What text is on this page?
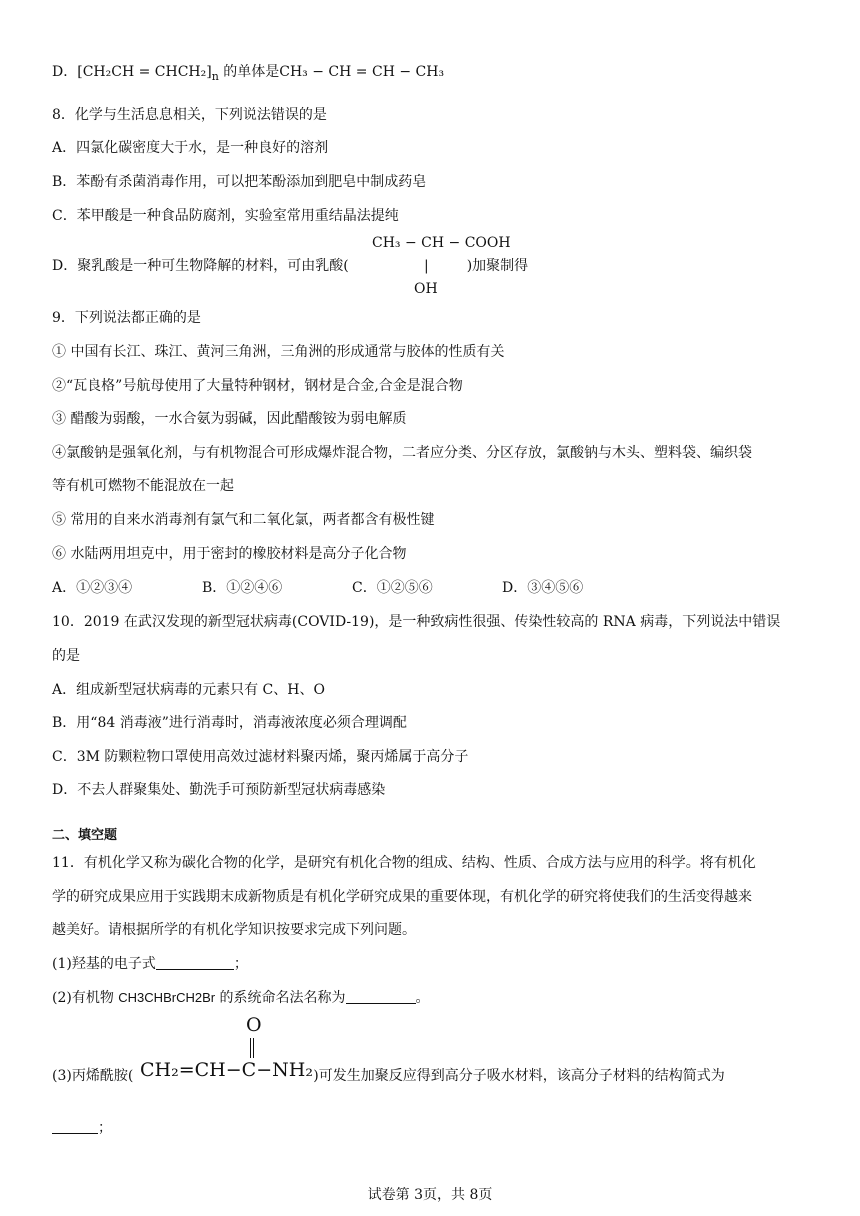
D．$[CH_2CH = CHCH_2]_n$ 的单体是CH₃ − CH = CH − CH₃
8．化学与生活息息相关，下列说法错误的是
A．四氯化碳密度大于水，是一种良好的溶剂
B．苯酚有杀菌消毒作用，可以把苯酚添加到肥皂中制成药皂
C．苯甲酸是一种食品防腐剂，实验室常用重结晶法提纯
CH₃ − CH − COOH
D．聚乳酸是一种可生物降解的材料，可由乳酸(	)加聚制得
|
OH
9．下列说法都正确的是
① 中国有长江、珠江、黄河三角洲，三角洲的形成通常与胶体的性质有关
②“瓦良格”号航母使用了大量特种钢材，钢材是合金,合金是混合物
③ 醋酸为弱酸，一水合氨为弱碱，因此醋酸铵为弱电解质
④氯酸钠是强氧化剂，与有机物混合可形成爆炸混合物，二者应分类、分区存放，氯酸钠与木头、塑料袋、编织袋
等有机可燃物不能混放在一起
⑤ 常用的自来水消毒剂有氯气和二氧化氯，两者都含有极性键
⑥ 水陆两用坦克中，用于密封的橡胶材料是高分子化合物
A．①②③④	B．①②④⑥	C．①②⑤⑥	D．③④⑤⑥
10．2019 在武汉发现的新型冠状病毒(COVID-19)，是一种致病性很强、传染性较高的 RNA 病毒，下列说法中错误
的是
A．组成新型冠状病毒的元素只有 C、H、O
B．用“84 消毒液”进行消毒时，消毒液浓度必须合理调配
C．3M 防颗粒物口罩使用高效过滤材料聚丙烯，聚丙烯属于高分子
D．不去人群聚集处、勤洗手可预防新型冠状病毒感染
二、填空题
11．有机化学又称为碳化合物的化学，是研究有机化合物的组成、结构、性质、合成方法与应用的科学。将有机化
学的研究成果应用于实践期末成新物质是有机化学研究成果的重要体现，有机化学的研究将使我们的生活变得越来
越美好。请根据所学的有机化学知识按要求完成下列问题。
(1)羟基的电子式	；
(2)有机物 CH3CHBrCH2Br 的系统命名法名称为	。
(3)丙烯酰胺(	)可发生加聚反应得到高分子吸水材料，该高分子材料的结构简式为
O
CH₂=CH−C−NH₂
；
试卷第 3页，共 8页
